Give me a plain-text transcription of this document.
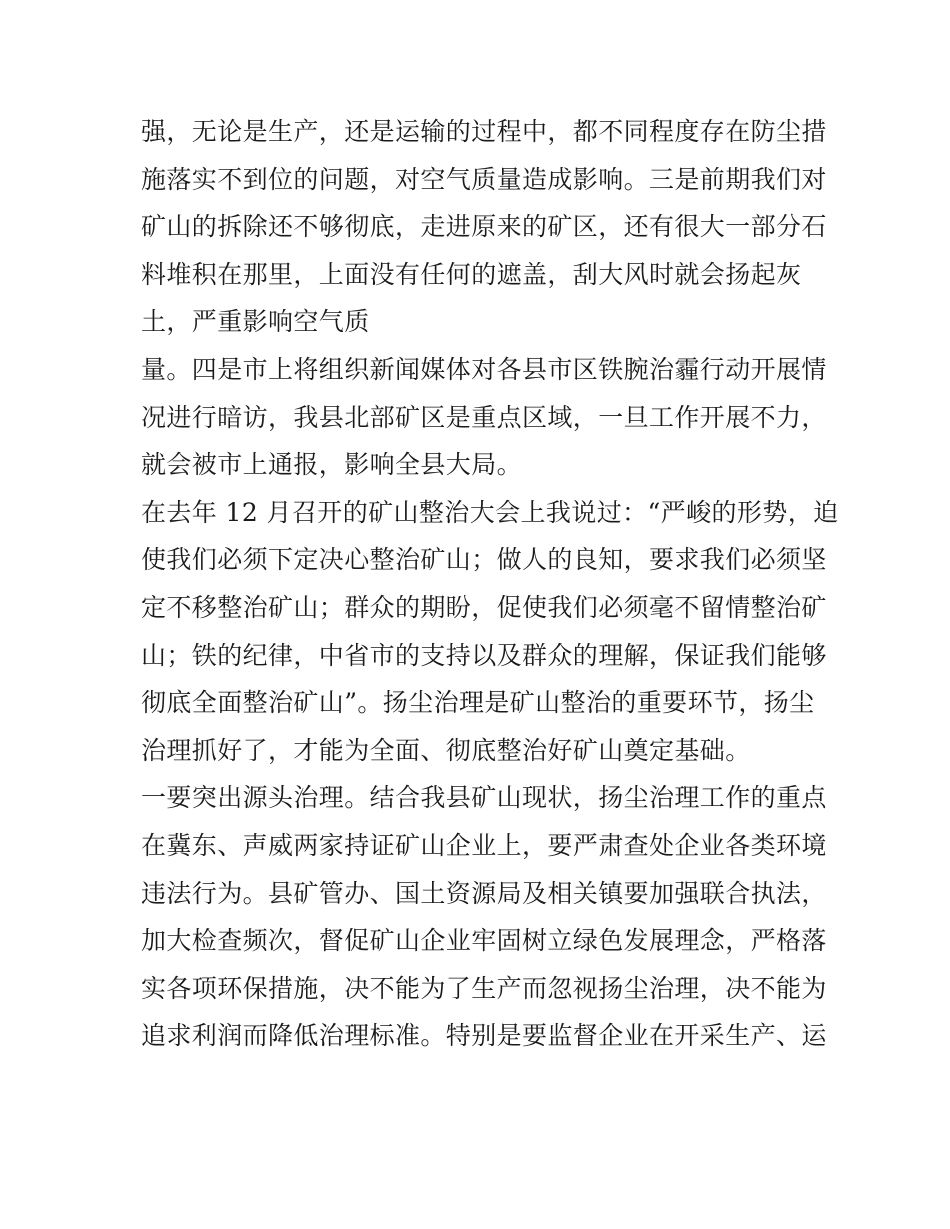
强，无论是生产，还是运输的过程中，都不同程度存在防尘措
施落实不到位的问题，对空气质量造成影响。三是前期我们对
矿山的拆除还不够彻底，走进原来的矿区，还有很大一部分石
料堆积在那里，上面没有任何的遮盖，刮大风时就会扬起灰
土，严重影响空气质
量。四是市上将组织新闻媒体对各县市区铁腕治霾行动开展情
况进行暗访，我县北部矿区是重点区域，一旦工作开展不力，
就会被市上通报，影响全县大局。
在去年 12 月召开的矿山整治大会上我说过：“严峻的形势，迫
使我们必须下定决心整治矿山；做人的良知，要求我们必须坚
定不移整治矿山；群众的期盼，促使我们必须毫不留情整治矿
山；铁的纪律，中省市的支持以及群众的理解，保证我们能够
彻底全面整治矿山”。扬尘治理是矿山整治的重要环节，扬尘
治理抓好了，才能为全面、彻底整治好矿山奠定基础。
一要突出源头治理。结合我县矿山现状，扬尘治理工作的重点
在冀东、声威两家持证矿山企业上，要严肃查处企业各类环境
违法行为。县矿管办、国土资源局及相关镇要加强联合执法，
加大检查频次，督促矿山企业牢固树立绿色发展理念，严格落
实各项环保措施，决不能为了生产而忽视扬尘治理，决不能为
追求利润而降低治理标准。特别是要监督企业在开采生产、运
